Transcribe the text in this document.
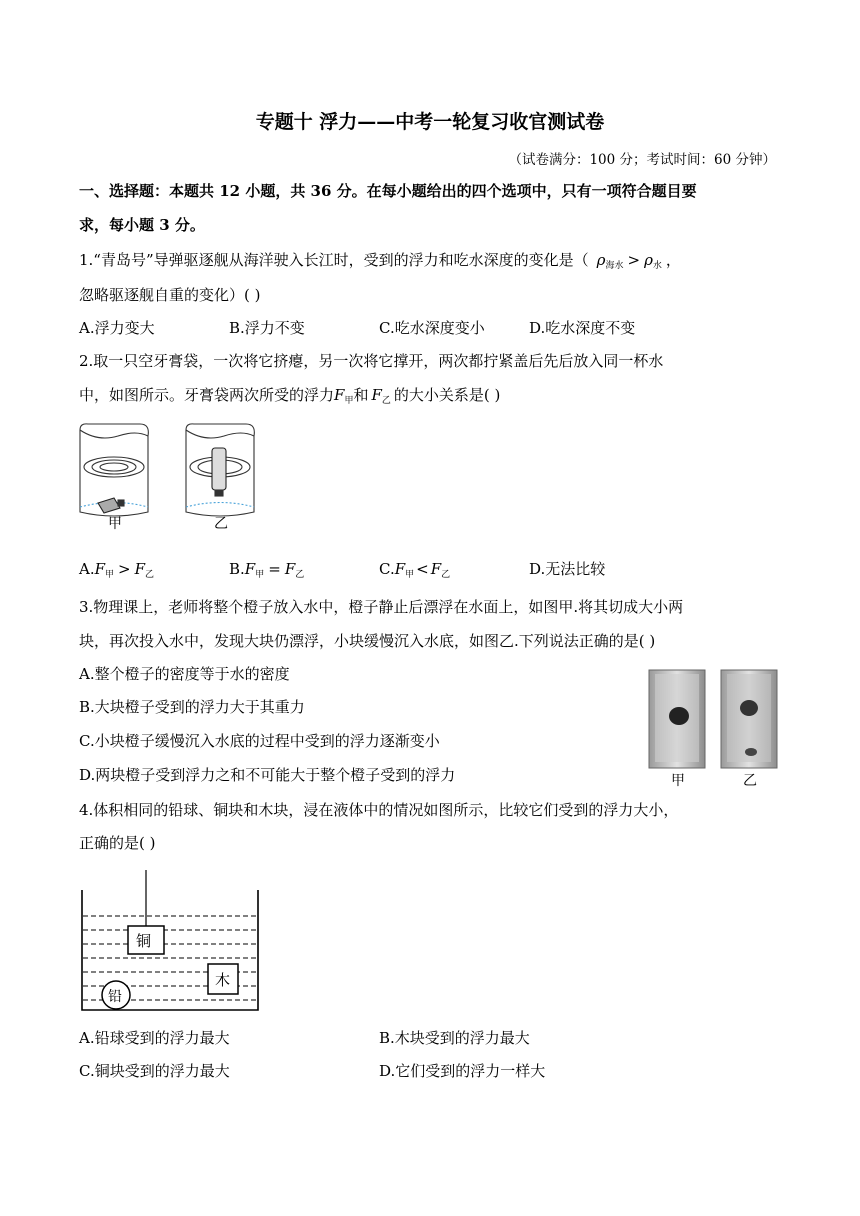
专题十 浮力——中考一轮复习收官测试卷
（试卷满分：100 分；考试时间：60 分钟）
一、选择题：本题共 12 小题，共 36 分。在每小题给出的四个选项中，只有一项符合题目要
求，每小题 3 分。
1.“青岛号”导弹驱逐舰从海洋驶入长江时，受到的浮力和吃水深度的变化是（ $\rho_{海水} > \rho_水$ ，
忽略驱逐舰自重的变化）( )
A.浮力变大	B.浮力不变	C.吃水深度变小	D.吃水深度不变
2.取一只空牙膏袋，一次将它挤瘪，另一次将它撑开，两次都拧紧盖后先后放入同一杯水
中，如图所示。牙膏袋两次所受的浮力$F_甲$和 $F_乙$ 的大小关系是( )
甲	乙
$A.F_甲 > F_乙$	$B.F_甲 = F_乙$	$C.F_甲 < F_乙$	D.无法比较
3.物理课上，老师将整个橙子放入水中，橙子静止后漂浮在水面上，如图甲.将其切成大小两
块，再次投入水中，发现大块仍漂浮，小块缓慢沉入水底，如图乙.下列说法正确的是( )
A.整个橙子的密度等于水的密度
B.大块橙子受到的浮力大于其重力
C.小块橙子缓慢沉入水底的过程中受到的浮力逐渐变小
D.两块橙子受到浮力之和不可能大于整个橙子受到的浮力	甲	乙
4.体积相同的铅球、铜块和木块，浸在液体中的情况如图所示，比较它们受到的浮力大小，
正确的是( )
铜
木
铅
A.铅球受到的浮力最大	B.木块受到的浮力最大
C.铜块受到的浮力最大	D.它们受到的浮力一样大
